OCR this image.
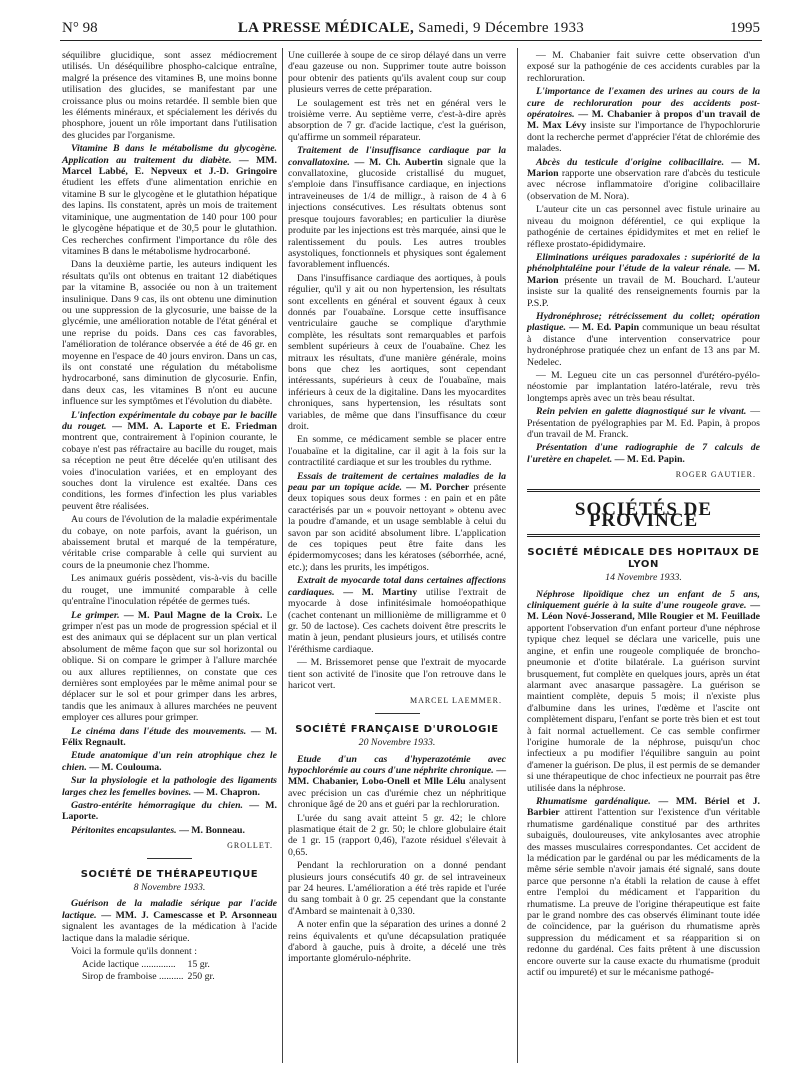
N° 98	LA PRESSE MÉDICALE, Samedi, 9 Décembre 1933	1995

séquilibre glucidique, sont assez médiocrement utilisés. Un déséquilibre phospho-calcique entraîne, malgré la présence des vitamines B, une moins bonne utilisation des glucides, se manifestant par une croissance plus ou moins retardée. Il semble bien que les éléments minéraux, et spécialement les dérivés du phosphore, jouent un rôle important dans l'utilisation des glucides par l'organisme.

Vitamine B dans le métabolisme du glycogène. Application au traitement du diabète. — MM. Marcel Labbé, E. Nepveux et J.-D. Gringoire étudient les effets d'une alimentation enrichie en vitamine B sur le glycogène et le glutathion hépatique des lapins. Ils constatent, après un mois de traitement vitaminique, une augmentation de 140 pour 100 pour le glycogène hépatique et de 30,5 pour le glutathion. Ces recherches confirment l'importance du rôle des vitamines B dans le métabolisme hydrocarboné.

Dans la deuxième partie, les auteurs indiquent les résultats qu'ils ont obtenus en traitant 12 diabétiques par la vitamine B, associée ou non à un traitement insulinique. Dans 9 cas, ils ont obtenu une diminution ou une suppression de la glycosurie, une baisse de la glycémie, une amélioration notable de l'état général et une reprise du poids. Dans ces cas favorables, l'amélioration de tolérance observée a été de 46 gr. en moyenne en l'espace de 40 jours environ. Dans un cas, ils ont constaté une régulation du métabolisme hydrocarboné, sans diminution de glycosurie. Enfin, dans deux cas, les vitamines B n'ont eu aucune influence sur les symptômes et l'évolution du diabète.

L'infection expérimentale du cobaye par le bacille du rouget. — MM. A. Laporte et E. Friedman montrent que, contrairement à l'opinion courante, le cobaye n'est pas réfractaire au bacille du rouget, mais sa réception ne peut être décelée qu'en utilisant des voies d'inoculation variées, et en employant des souches dont la virulence est exaltée. Dans ces conditions, les formes d'infection les plus variables peuvent être réalisées.

Au cours de l'évolution de la maladie expérimentale du cobaye, on note parfois, avant la guérison, un abaissement brutal et marqué de la température, véritable crise comparable à celle qui survient au cours de la pneumonie chez l'homme.

Les animaux guéris possèdent, vis-à-vis du bacille du rouget, une immunité comparable à celle qu'entraîne l'inoculation répétée de germes tués.

Le grimper. — M. Paul Magne de la Croix. Le grimper n'est pas un mode de progression spécial et il est des animaux qui se déplacent sur un plan vertical absolument de même façon que sur sol horizontal ou oblique. Si on compare le grimper à l'allure marchée ou aux allures reptiliennes, on constate que ces dernières sont employées par le même animal pour se déplacer sur le sol et pour grimper dans les arbres, tandis que les animaux à allures marchées ne peuvent employer ces allures pour grimper.

Le cinéma dans l'étude des mouvements. — M. Félix Regnault.

Etude anatomique d'un rein atrophique chez le chien. — M. Coulouma.

Sur la physiologie et la pathologie des ligaments larges chez les femelles bovines. — M. Chapron.

Gastro-entérite hémorragique du chien. — M. Laporte.

Péritonites encapsulantes. — M. Bonneau.

GROLLET.
SOCIÉTÉ DE THÉRAPEUTIQUE
8 Novembre 1933.

Guérison de la maladie sérique par l'acide lactique. — MM. J. Camescasse et P. Arsonneau signalent les avantages de la médication à l'acide lactique dans la maladie sérique.

Voici la formule qu'ils donnent :

Acide lactique ..............	15 gr.
Sirop de framboise ..........	250 gr.

Une cuillerée à soupe de ce sirop délayé dans un verre d'eau gazeuse ou non. Supprimer toute autre boisson pour obtenir des patients qu'ils avalent coup sur coup plusieurs verres de cette préparation.

Le soulagement est très net en général vers le troisième verre. Au septième verre, c'est-à-dire après absorption de 7 gr. d'acide lactique, c'est la guérison, qu'affirme un sommeil réparateur.

Traitement de l'insuffisance cardiaque par la convallatoxine. — M. Ch. Aubertin signale que la convallatoxine, glucoside cristallisé du muguet, s'emploie dans l'insuffisance cardiaque, en injections intraveineuses de 1/4 de milligr., à raison de 4 à 6 injections consécutives. Les résultats obtenus sont presque toujours favorables; en particulier la diurèse produite par les injections est très marquée, ainsi que le ralentissement du pouls. Les autres troubles asystoliques, fonctionnels et physiques sont également favorablement influencés.

Dans l'insuffisance cardiaque des aortiques, à pouls régulier, qu'il y ait ou non hypertension, les résultats sont excellents en général et souvent égaux à ceux donnés par l'ouabaïne. Lorsque cette insuffisance ventriculaire gauche se complique d'arythmie complète, les résultats sont remarquables et parfois semblent supérieurs à ceux de l'ouabaïne. Chez les mitraux les résultats, d'une manière générale, moins bons que chez les aortiques, sont cependant intéressants, supérieurs à ceux de l'ouabaïne, mais inférieurs à ceux de la digitaline. Dans les myocardites chroniques, sans hypertension, les résultats sont variables, de même que dans l'insuffisance du cœur droit.

En somme, ce médicament semble se placer entre l'ouabaïne et la digitaline, car il agit à la fois sur la contractilité cardiaque et sur les troubles du rythme.

Essais de traitement de certaines maladies de la peau par un topique acide. — M. Porcher présente deux topiques sous deux formes : en pain et en pâte caractérisés par un « pouvoir nettoyant » obtenu avec la poudre d'amande, et un usage semblable à celui du savon par son acidité absolument libre. L'application de ces topiques peut être faite dans les épidermomycoses; dans les kératoses (séborrhée, acné, etc.); dans les prurits, les impétigos.

Extrait de myocarde total dans certaines affections cardiaques. — M. Martiny utilise l'extrait de myocarde à dose infinitésimale homoéopathique (cachet contenant un millionième de milligramme et 0 gr. 50 de lactose). Ces cachets doivent être prescrits le matin à jeun, pendant plusieurs jours, et utilisés contre l'éréthisme cardiaque.

— M. Brissemoret pense que l'extrait de myocarde tient son activité de l'inosite que l'on retrouve dans le haricot vert.

MARCEL LAEMMER.
SOCIÉTÉ FRANÇAISE D'UROLOGIE
20 Novembre 1933.

Etude d'un cas d'hyperazotémie avec hypochlorémie au cours d'une néphrite chronique. — MM. Chabanier, Lobo-Onell et Mlle Lélu analysent avec précision un cas d'urémie chez un néphritique chronique âgé de 20 ans et guéri par la rechloruration.

L'urée du sang avait atteint 5 gr. 42; le chlore plasmatique était de 2 gr. 50; le chlore globulaire était de 1 gr. 15 (rapport 0,46), l'azote résiduel s'élevait à 0,65.

Pendant la rechloruration on a donné pendant plusieurs jours consécutifs 40 gr. de sel intraveineux par 24 heures. L'amélioration a été très rapide et l'urée du sang tombait à 0 gr. 25 cependant que la constante d'Ambard se maintenait à 0,330.

A noter enfin que la séparation des urines a donné 2 reins équivalents et qu'une décapsulation pratiquée d'abord à gauche, puis à droite, a décelé une très importante glomérulo-néphrite.

— M. Chabanier fait suivre cette observation d'un exposé sur la pathogénie de ces accidents curables par la rechloruration.

L'importance de l'examen des urines au cours de la cure de rechloruration pour des accidents post-opératoires. — M. Chabanier à propos d'un travail de M. Max Lévy insiste sur l'importance de l'hypochlorurie dont la recherche permet d'apprécier l'état de chlorémie des malades.

Abcès du testicule d'origine colibacillaire. — M. Marion rapporte une observation rare d'abcès du testicule avec nécrose inflammatoire d'origine colibacillaire (observation de M. Nora).

L'auteur cite un cas personnel avec fistule urinaire au niveau du moignon déférentiel, ce qui explique la pathogénie de certaines épididymites et met en relief le réflexe prostato-épididymaire.

Eliminations uréiques paradoxales : supériorité de la phénolphtaléine pour l'étude de la valeur rénale. — M. Marion présente un travail de M. Bouchard. L'auteur insiste sur la qualité des renseignements fournis par la P.S.P.

Hydronéphrose; rétrécissement du collet; opération plastique. — M. Ed. Papin communique un beau résultat à distance d'une intervention conservatrice pour hydronéphrose pratiquée chez un enfant de 13 ans par M. Nedelec.

— M. Legueu cite un cas personnel d'urétéro-pyélo-néostomie par implantation latéro-latérale, revu très longtemps après avec un très beau résultat.

Rein pelvien en galette diagnostiqué sur le vivant. — Présentation de pyélographies par M. Ed. Papin, à propos d'un travail de M. Franck.

Présentation d'une radiographie de 7 calculs de l'uretère en chapelet. — M. Ed. Papin.

ROGER GAUTIER.
SOCIÉTÉS DE PROVINCE
SOCIÉTÉ MÉDICALE DES HOPITAUX DE LYON
14 Novembre 1933.

Néphrose lipoïdique chez un enfant de 5 ans, cliniquement guérie à la suite d'une rougeole grave. — M. Léon Nové-Josserand, Mlle Rougier et M. Feuillade apportent l'observation d'un enfant porteur d'une néphrose typique chez lequel se déclara une varicelle, puis une angine, et enfin une rougeole compliquée de broncho-pneumonie et d'otite bilatérale. La guérison survint brusquement, fut complète en quelques jours, après un état alarmant avec anasarque passagère. La guérison se maintient complète, depuis 5 mois; il n'existe plus d'albumine dans les urines, l'œdème et l'ascite ont complètement disparu, l'enfant se porte très bien et est tout à fait normal actuellement. Ce cas semble confirmer l'origine humorale de la néphrose, puisqu'un choc infectieux a pu modifier l'équilibre sanguin au point d'amener la guérison. De plus, il est permis de se demander si une thérapeutique de choc infectieux ne pourrait pas être utilisée dans la néphrose.

Rhumatisme gardénalique. — MM. Bériel et J. Barbier attirent l'attention sur l'existence d'un véritable rhumatisme gardénalique constitué par des arthrites subaiguës, douloureuses, vite ankylosantes avec atrophie des masses musculaires correspondantes. Cet accident de la médication par le gardénal ou par les médicaments de la même série semble n'avoir jamais été signalé, sans doute parce que personne n'a établi la relation de cause à effet entre l'emploi du médicament et l'apparition du rhumatisme. La preuve de l'origine thérapeutique est faite par le grand nombre des cas observés éliminant toute idée de coïncidence, par la guérison du rhumatisme après suppression du médicament et sa réapparition si on redonne du gardénal. Ces faits prêtent à une discussion encore ouverte sur la cause exacte du rhumatisme (produit actif ou impureté) et sur le mécanisme pathogé-
